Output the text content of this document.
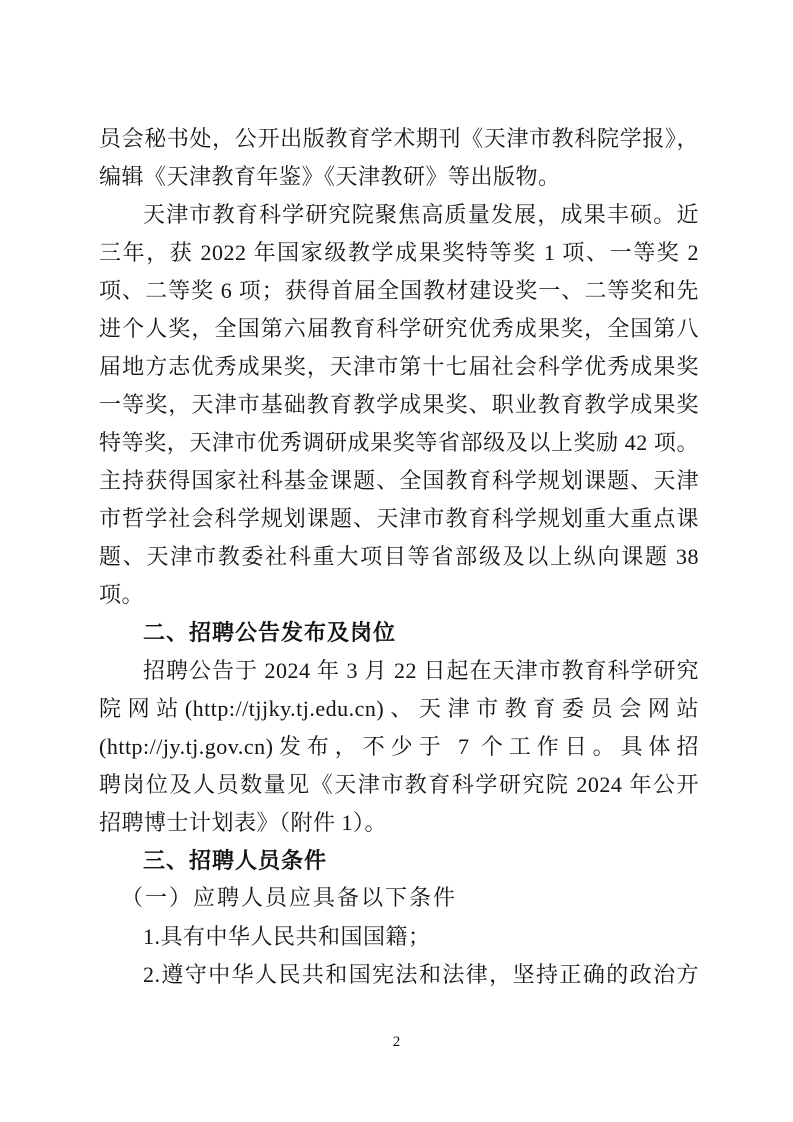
员会秘书处，公开出版教育学术期刊《天津市教科院学报》，
编辑《天津教育年鉴》《天津教研》等出版物。
天津市教育科学研究院聚焦高质量发展，成果丰硕。近
三年，获 2022 年国家级教学成果奖特等奖 1 项、一等奖 2
项、二等奖 6 项；获得首届全国教材建设奖一、二等奖和先
进个人奖，全国第六届教育科学研究优秀成果奖，全国第八
届地方志优秀成果奖，天津市第十七届社会科学优秀成果奖
一等奖，天津市基础教育教学成果奖、职业教育教学成果奖
特等奖，天津市优秀调研成果奖等省部级及以上奖励 42 项。
主持获得国家社科基金课题、全国教育科学规划课题、天津
市哲学社会科学规划课题、天津市教育科学规划重大重点课
题、天津市教委社科重大项目等省部级及以上纵向课题 38
项。
二、招聘公告发布及岗位
招聘公告于 2024 年 3 月 22 日起在天津市教育科学研究
院网站(http://tjjky.tj.edu.cn)、天津市教育委员会网站
(http://jy.tj.gov.cn)发布，不少于 7 个工作日。具体招
聘岗位及人员数量见《天津市教育科学研究院 2024 年公开
招聘博士计划表》（附件 1）。
三、招聘人员条件
（一）应聘人员应具备以下条件
1.具有中华人民共和国国籍；
2.遵守中华人民共和国宪法和法律，坚持正确的政治方
2
